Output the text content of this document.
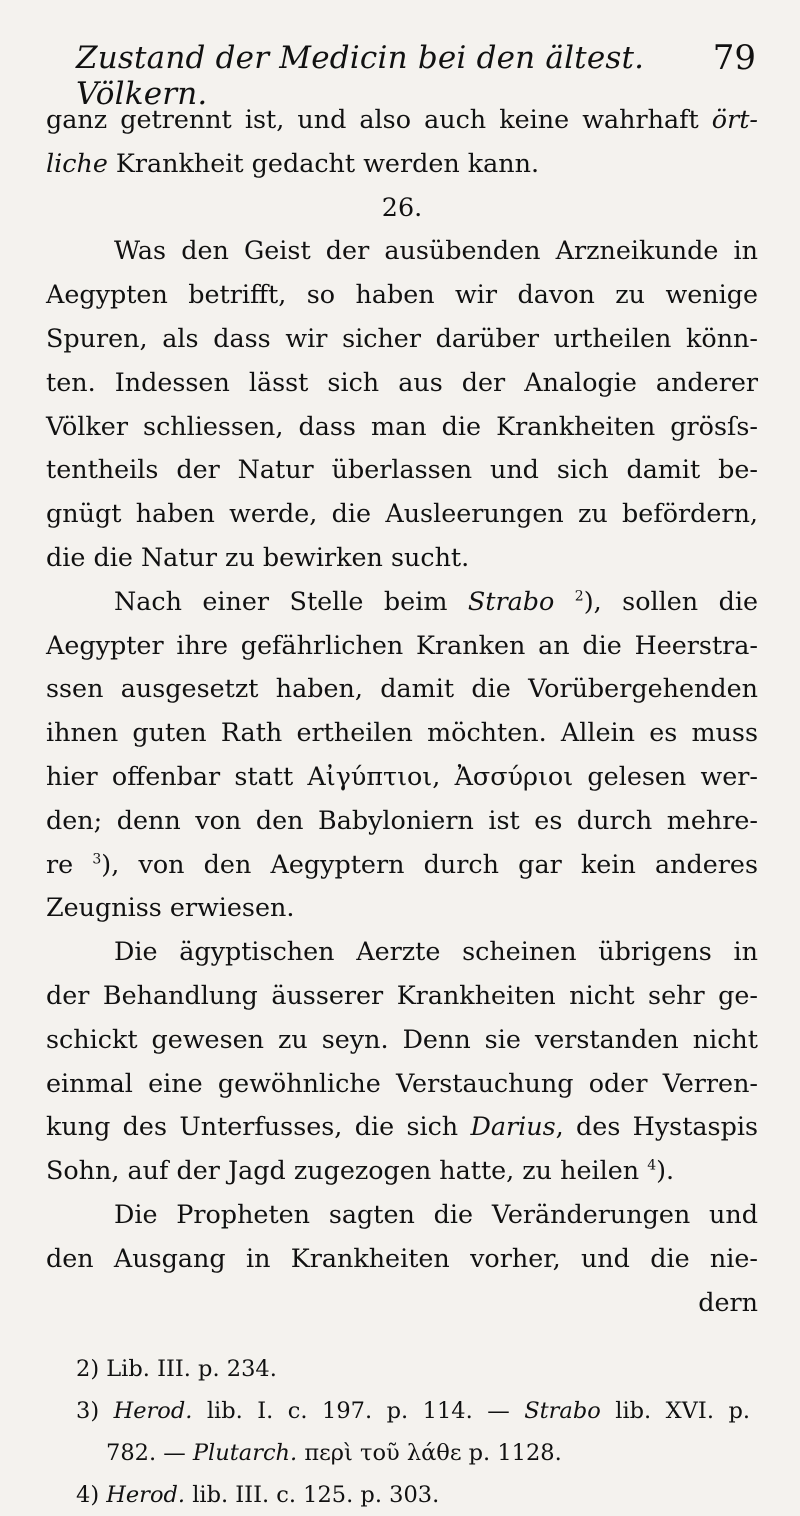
Zustand der Medicin bei den ältest. Völkern.
79
ganz getrennt ist, und also auch keine wahrhaft ört-
liche Krankheit gedacht werden kann.
26.
Was den Geist der ausübenden Arzneikunde in
Aegypten betrifft, so haben wir davon zu wenige
Spuren, als dass wir sicher darüber urtheilen könn-
ten. Indessen lässt sich aus der Analogie anderer
Völker schliessen, dass man die Krankheiten grösſs-
tentheils der Natur überlassen und sich damit be-
gnügt haben werde, die Ausleerungen zu befördern,
die die Natur zu bewirken sucht.
Nach einer Stelle beim Strabo $^2$), sollen die
Aegypter ihre gefährlichen Kranken an die Heerstra-
ssen ausgesetzt haben, damit die Vorübergehenden
ihnen guten Rath ertheilen möchten. Allein es muss
hier offenbar statt Αἰγύπτιοι, Ἀσσύριοι gelesen wer-
den; denn von den Babyloniern ist es durch mehre-
re $^3$), von den Aegyptern durch gar kein anderes
Zeugniss erwiesen.
Die ägyptischen Aerzte scheinen übrigens in
der Behandlung äusserer Krankheiten nicht sehr ge-
schickt gewesen zu seyn. Denn sie verstanden nicht
einmal eine gewöhnliche Verstauchung oder Verren-
kung des Unterfusses, die sich Darius, des Hystaspis
Sohn, auf der Jagd zugezogen hatte, zu heilen $^4$).
Die Propheten sagten die Veränderungen und
den Ausgang in Krankheiten vorher, und die nie-
dern
2) Lib. III. p. 234.
3) Herod. lib. I. c. 197. p. 114. — Strabo lib. XVI. p.
782. — Plutarch. περὶ τοῦ λάθε p. 1128.
4) Herod. lib. III. c. 125. p. 303.
